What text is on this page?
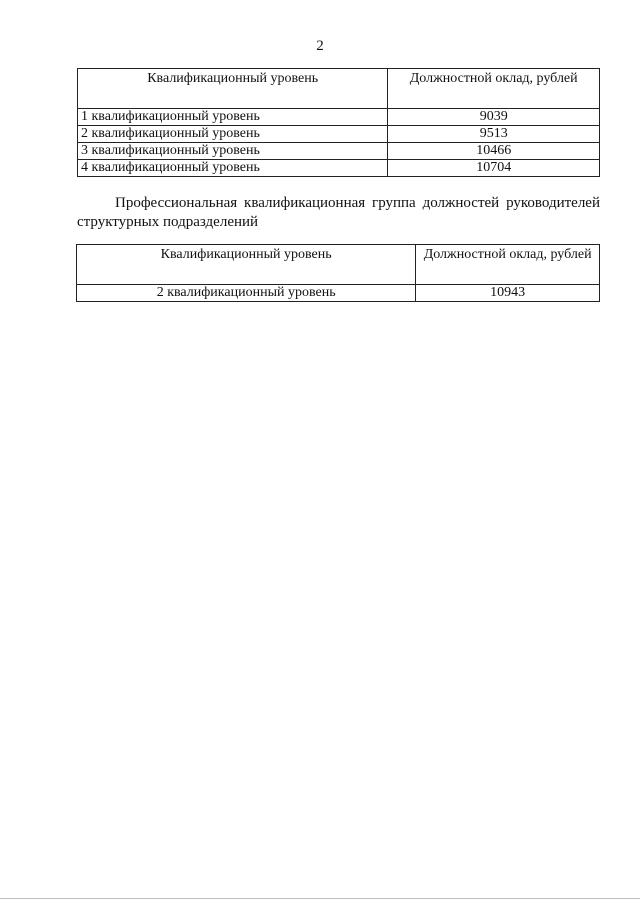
2
Квалификационный уровень	Должностной оклад, рублей
1 квалификационный уровень	9039
2 квалификационный уровень	9513
3 квалификационный уровень	10466
4 квалификационный уровень	10704
Профессиональная квалификационная группа должностей руководителей структурных подразделений
Квалификационный уровень	Должностной оклад, рублей
2 квалификационный уровень	10943
